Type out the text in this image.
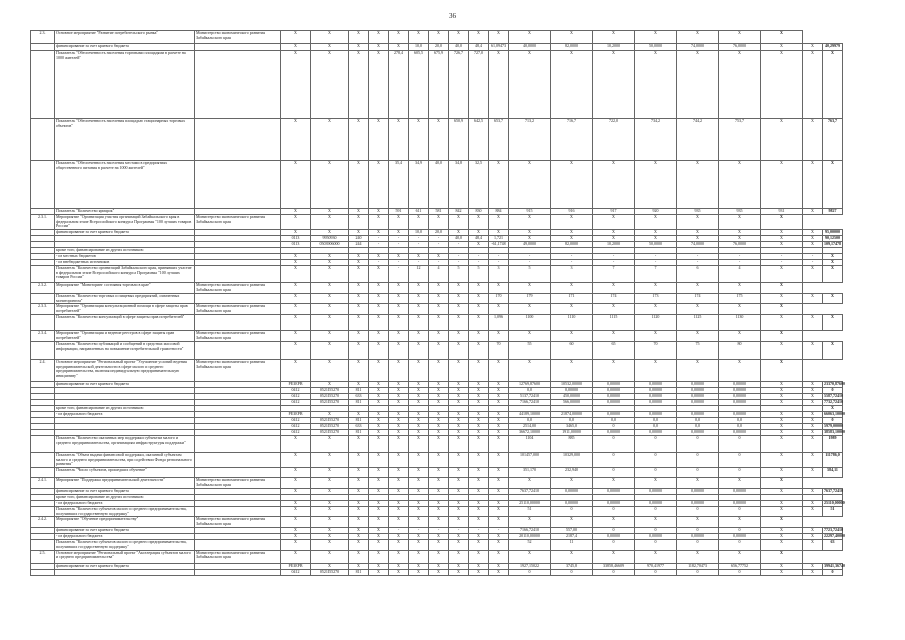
36
2.3.	Основное мероприятие "Развитие потребительского рынка"	Министерство экономического развития Забайкальского края	X	X	X	X	X	X	X	X	X	X	X	X	X	X	X	X	X		
	финансирование за счет краевого бюджета		X	X	X	X	X	10,0	20,0	40,0	48,4	61,09473	40,0000	82,0000	10,2000	50,0000	74,0000	76,0000	X	X	40,29979
	Показатель "Обеспеченность населения торговыми площадями в расчете на 1000 жителей"		X	X	X	X	278,4	605,5	675,9	726,7	727,0	X	X	X	X	X	X	X	X	X	X
	Показатель "Обеспеченность населения площадью стационарных торговых объектов"		X	X	X	X	X	X	X	650,9	642,5	653,7	713,2	716,7	722,0	734,2	744,2	753,7	X	X	763,7
	Показатель "Обеспеченность населения местами в предприятиях общественного питания в расчете на 1000 жителей"		X	X	X	X	35,4	34,9	40,0	34,8	32,5	X	X	X	X	X	X	X	X	X	X
	Показатель "Количество ярмарок"		X	X	X	X	591	611	581	842	830	884	915	916	917	920	935	935	931	X	9827
2.3.1.	Мероприятие "Организация участия организаций Забайкальского края в федеральном этапе Всероссийского конкурса Программы "100 лучших товаров России"	Министерство экономического развития Забайкальского края	X	X	X	X	X	X	X	X	X	X	X	X	X	X	X	X	X		
	финансирование за счет краевого бюджета		X	X	X	X	X	10,0	20,0	X	X	X	X	X	X	X	X	X	X	X	95,00000
			0113	9950930	240	-	-	-	-	40,0	48,4	1,721	X	X	X	X	X	X	X	X	90,12500
			0113	0503906000	244	-	-	-	-	-	X	-61,1748	49,0000	82,0000	10,2000	50,0000	74,0000	76,0000	X	X	109,17478
	кроме того, финансирование из других источников:																				
	- из местных бюджетов		X	X	X	X	X	X	X	-	-	-	-	-	-	-	-	-	-	-	X
	- из внебюджетных источников		X	X	X	-	-	-	-	-	-	-	-	-	-	-	-	-	-	-	X
	Показатель "Количество организаций Забайкальского края, принявших участие в федеральном этапе Всероссийского конкурса Программы "100 лучших товаров России"		X	X	X	X	-	12	4	5	5	3	5	3	7	7	6	4	X	X	X
2.3.2.	Мероприятие "Мониторинг состояния торговли в крае"	Министерство экономического развития Забайкальского края	X	X	X	X	X	X	X	X	X	X	X	X	X	X	X	X	X		
	Показатель "Количество торговых и пищевых предприятий, охваченных мониторингом"		X	X	X	X	X	X	X	X	X	170	179	171	174	173	174	175	X	X	X
2.3.3.	Мероприятие "Организация консультационной помощи в сфере защиты прав потребителей"	Министерство экономического развития Забайкальского края	X	X	X	X	X	X	X	X	X	X	X	X	X	X	X	X	X		
	Показатель "Количество консультаций в сфере защиты прав потребителей"		X	X	X	X	X	X	X	X	X	1,096	1100	1110	1115	1120	1125	1130	X	X	X
2.3.4.	Мероприятие "Организация и ведение реестров в сфере защиты прав потребителей"	Министерство экономического развития Забайкальского края	X	X	X	X	X	X	X	X	X	X	X	X	X	X	X	X	X		
	Показатель "Количество публикаций и сообщений в средствах массовой информации, направленных на повышение потребительской грамотности"		X	X	X	X	X	X	X	X	X	70	55	60	65	70	75	80	X	X	X
2.4.	Основное мероприятие "Региональный проект "Улучшение условий ведения предпринимательской деятельности в сфере малого и среднего предпринимательства, включая индивидуальную предпринимательскую инициативу"	Министерство экономического развития Забайкальского края	X	X	X	X	X	X	X	X	X	X	X	X	X	X	X	X	X		
	финансирование за счет краевого бюджета		РЕЗЕРВ	X	X	X	X	X	X	X	X	X	12769,87600	10532,00000	0,00000	0,00000	0,00000	0,00000	X	X	23370,87600
			0412	0521I55270	811	X	X	X	X	X	X	X	0,0	0,00000	0,00000	0,00000	0,00000	0,00000	X	X	0
			0412	0521I55270	633	X	X	X	X	X	X	X	5137,72410	450,00000	0,00000	0,00000	0,00000	0,00000	X	X	5587,72410
			0412	0521I55270	811	X	X	X	X	X	X	X	7166,72410	566,00000	0,00000	0,00000	0,00000	0,00000	X	X	7732,72410
	кроме того, финансирование из других источников:																				X
	- из федерального бюджета		РЕЗЕРВ	X	X	X	X	X	X	X	X	X	44189,10000	21874,00000	0,00000	0,00000	0,00000	0,00000	X	X	66063,10000
			0412	0521I55270	811	X	X	X	X	X	X	X	0,0	0,0	0,0	0,0	0,0	0,0	X	X	0
			0412	0521I55270	633	X	X	X	X	X	X	X	2514,00	3465,0	0	0,0	0,0	0,0	X	X	5979,00000
			0412	0521I55270	811	X	X	X	X	X	X	X	36672,10000	1911,00000	0,00000	0,00000	0,00000	0,00000	X	X	38583,10000
	Показатель "Количество оказанных мер поддержки субъектам малого и среднего предпринимательства, организациям инфраструктуры поддержки"		X	X	X	X	X	X	X	X	X	X	1104	885	0	0	0	0	X	X	1989
	Показатель "Объем выдачи финансовой поддержки, оказанной субъектам малого и среднего предпринимательства, при содействии Фонда регионального развития"		X	X	X	X	X	X	X	X	X	X	101457,000	10329,000	0	0	0	0	X	X	111786,0
	Показатель "Число субъектов, прошедших обучение"		X	X	X	X	X	X	X	X	X	X	351,170	232,940	0	0	0	0	X	X	584,11
2.4.1.	Мероприятие "Поддержка предпринимательской деятельности"	Министерство экономического развития Забайкальского края	X	X	X	X	X	X	X	X	X	X	X	X	X	X	X	X	X		
	финансирование за счет краевого бюджета		X	X	X	X	X	X	X	X	X	X	7637,72410	0,00000	0,00000	0,00000	0,00000	0,00000	X	X	7637,72410
	кроме того, финансирование из других источников:																				
	- из федерального бюджета		X	X	X	X	X	X	X	X	X	X	25110,00000	0,00000	0,00000	0,00000	0,00000	0,00000	X	X	25110,00000
	Показатель "Количество субъектов малого и среднего предпринимательства, получивших государственную поддержку"		X	X	X	X	X	X	X	X	X	X	51	0	0	0	0	0	X	X	51
2.4.2.	Мероприятие "Обучение предпринимательству"	Министерство экономического развития Забайкальского края	X	X	X	X	X	X	X	X	X	X	X	X	X	X	X	X	X		
	финансирование за счет краевого бюджета		X	X	X	X	-	-	-	-	-	-	7166,72410	557,00	0	0	0	0	X	X	7723,72410
	- из федерального бюджета		X	X	X	X	X	X	X	X	X	X	20110,00000	2187,4	0,00000	0,00000	0,00000	0,00000	X	X	22297,40000
	Показатель "Количество субъектов малого и среднего предпринимательства, получивших государственную поддержку"		X	X	X	X	X	X	X	X	X	X	52	11	0	0	0	0	X	X	63
2.5.	Основное мероприятие "Региональный проект "Акселерация субъектов малого и среднего предпринимательства"	Министерство экономического развития Забайкальского края	X	X	X	X	X	X	X	X	X	X	X	X	X	X	X	X	X		
	финансирование за счет краевого бюджета		РЕЗЕРВ	X	X	X	X	X	X	X	X	X	1927,15022	3745,8	33858,46609	970,41977	1182,70473	656,77752	X	X	39941,36740
			0412	0521I55270	811	X	X	X	X	X	X	X	0	0	0	0	0	0	X	X	0
